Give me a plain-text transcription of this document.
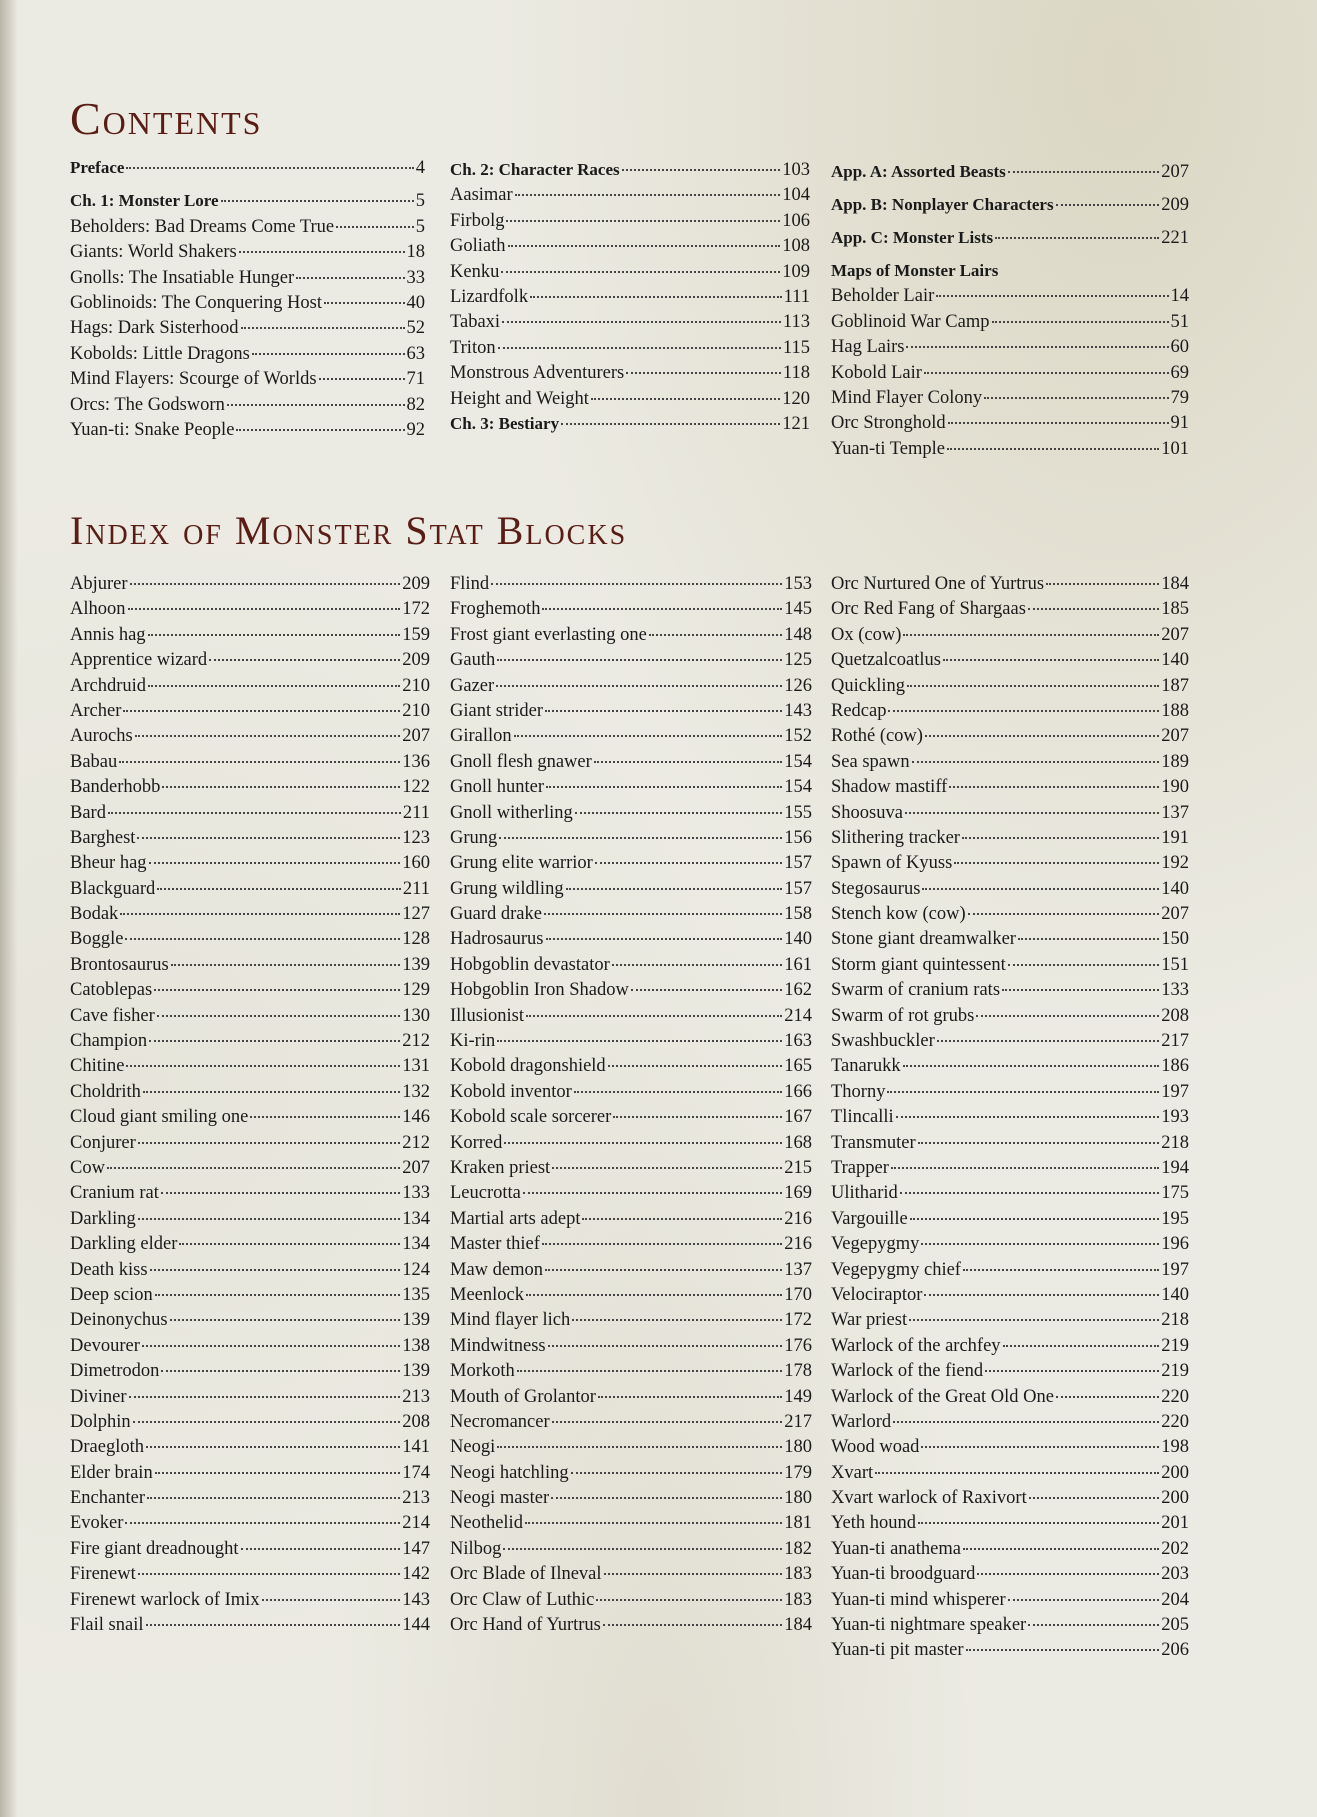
Contents
Preface	4
Ch. 1: Monster Lore	5
Beholders: Bad Dreams Come True	5
Giants: World Shakers	18
Gnolls: The Insatiable Hunger	33
Goblinoids: The Conquering Host	40
Hags: Dark Sisterhood	52
Kobolds: Little Dragons	63
Mind Flayers: Scourge of Worlds	71
Orcs: The Godsworn	82
Yuan-ti: Snake People	92
Ch. 2: Character Races	103
Aasimar	104
Firbolg	106
Goliath	108
Kenku	109
Lizardfolk	111
Tabaxi	113
Triton	115
Monstrous Adventurers	118
Height and Weight	120
Ch. 3: Bestiary	121
App. A: Assorted Beasts	207
App. B: Nonplayer Characters	209
App. C: Monster Lists	221
Maps of Monster Lairs
Beholder Lair	14
Goblinoid War Camp	51
Hag Lairs	60
Kobold Lair	69
Mind Flayer Colony	79
Orc Stronghold	91
Yuan-ti Temple	101
Index of Monster Stat Blocks
Abjurer	209
Alhoon	172
Annis hag	159
Apprentice wizard	209
Archdruid	210
Archer	210
Aurochs	207
Babau	136
Banderhobb	122
Bard	211
Barghest	123
Bheur hag	160
Blackguard	211
Bodak	127
Boggle	128
Brontosaurus	139
Catoblepas	129
Cave fisher	130
Champion	212
Chitine	131
Choldrith	132
Cloud giant smiling one	146
Conjurer	212
Cow	207
Cranium rat	133
Darkling	134
Darkling elder	134
Death kiss	124
Deep scion	135
Deinonychus	139
Devourer	138
Dimetrodon	139
Diviner	213
Dolphin	208
Draegloth	141
Elder brain	174
Enchanter	213
Evoker	214
Fire giant dreadnought	147
Firenewt	142
Firenewt warlock of Imix	143
Flail snail	144
Flind	153
Froghemoth	145
Frost giant everlasting one	148
Gauth	125
Gazer	126
Giant strider	143
Girallon	152
Gnoll flesh gnawer	154
Gnoll hunter	154
Gnoll witherling	155
Grung	156
Grung elite warrior	157
Grung wildling	157
Guard drake	158
Hadrosaurus	140
Hobgoblin devastator	161
Hobgoblin Iron Shadow	162
Illusionist	214
Ki-rin	163
Kobold dragonshield	165
Kobold inventor	166
Kobold scale sorcerer	167
Korred	168
Kraken priest	215
Leucrotta	169
Martial arts adept	216
Master thief	216
Maw demon	137
Meenlock	170
Mind flayer lich	172
Mindwitness	176
Morkoth	178
Mouth of Grolantor	149
Necromancer	217
Neogi	180
Neogi hatchling	179
Neogi master	180
Neothelid	181
Nilbog	182
Orc Blade of Ilneval	183
Orc Claw of Luthic	183
Orc Hand of Yurtrus	184
Orc Nurtured One of Yurtrus	184
Orc Red Fang of Shargaas	185
Ox (cow)	207
Quetzalcoatlus	140
Quickling	187
Redcap	188
Rothé (cow)	207
Sea spawn	189
Shadow mastiff	190
Shoosuva	137
Slithering tracker	191
Spawn of Kyuss	192
Stegosaurus	140
Stench kow (cow)	207
Stone giant dreamwalker	150
Storm giant quintessent	151
Swarm of cranium rats	133
Swarm of rot grubs	208
Swashbuckler	217
Tanarukk	186
Thorny	197
Tlincalli	193
Transmuter	218
Trapper	194
Ulitharid	175
Vargouille	195
Vegepygmy	196
Vegepygmy chief	197
Velociraptor	140
War priest	218
Warlock of the archfey	219
Warlock of the fiend	219
Warlock of the Great Old One	220
Warlord	220
Wood woad	198
Xvart	200
Xvart warlock of Raxivort	200
Yeth hound	201
Yuan-ti anathema	202
Yuan-ti broodguard	203
Yuan-ti mind whisperer	204
Yuan-ti nightmare speaker	205
Yuan-ti pit master	206
